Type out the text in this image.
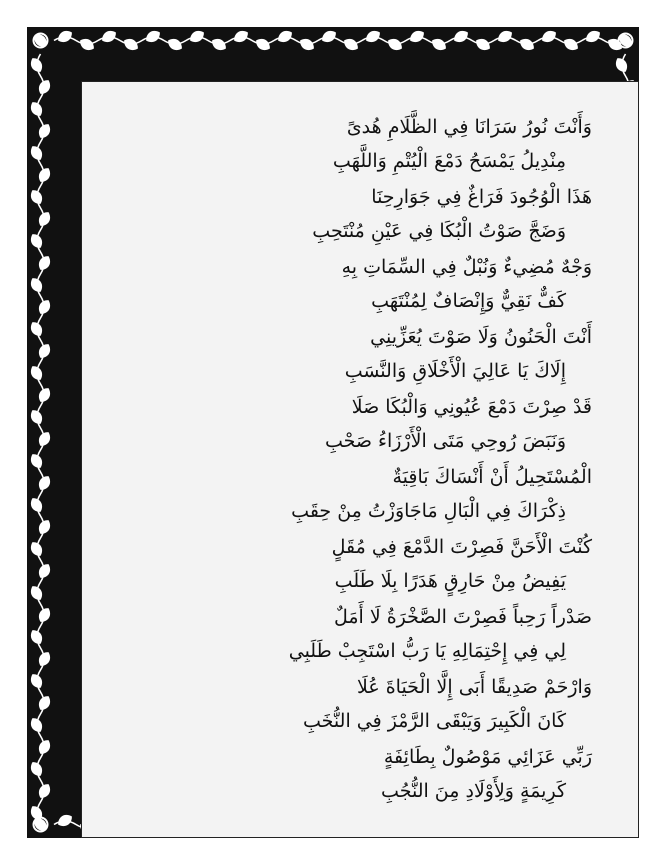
وَأَنْتَ نُورُ سَرَانَا فِي الظَّلَامِ هُدىً
مِنْدِيلُ يَمْسَحُ دَمْعَ الْيُتْمِ وَاللَّهَبِ
هَذَا الْوُجُودَ فَرَاغٌ فِي جَوَارِحِنَا
وَضَجَّ صَوْتُ الْبُكَا فِي عَيْنِ مُنْتَحِبِ
وَجْهٌ مُضِيءٌ وَنُبْلٌ فِي السِّمَاتِ بِهِ
كَفٌّ نَقِيٌّ وَإِنْصَافٌ لِمُنْتَهَبِ
أَنْتَ الْحَنُونُ وَلَا صَوْتَ يُعَزِّينِي
إِلَاكَ يَا عَالِيَ الْأَخْلَاقِ وَالنَّسَبِ
قَدْ صِرْتَ دَمْعَ عُيُونِي وَالْبُكَا صَلَا
وَنَبَضَ رُوحِي مَتَى الْأَرْزَاءُ صَحْبِ
الْمُسْتَحِيلُ أَنْ أَنْسَاكَ بَاقِيَةٌ
ذِكْرَاكَ فِي الْبَالِ مَاجَاوَزْتُ مِنْ حِقَبِ
كُنْتَ الْأَحَنَّ فَصِرْتَ الدَّمْعَ فِي مُقَلٍ
يَفِيضُ مِنْ حَارِقٍ هَدَرًا بِلَا طَلَبِ
صَدْراً رَحِباً فَصِرْتَ الصَّخْرَةُ لَا أَمَلٌ
لِي فِي إِحْتِمَالِهِ يَا رَبُّ اسْتَجِبْ طَلَبِي
وَارْحَمْ صَدِيقًا أَبَى إِلَّا الْحَيَاةَ عُلَا
كَانَ الْكَبِيرَ وَيَبْقَى الرَّمْزَ فِي النُّخَبِ
رَبِّي عَزَائِي مَوْصُولٌ بِطَائِفَةٍ
كَرِيمَةٍ وَلِأَوْلَادِ مِنَ النُّجُبِ
